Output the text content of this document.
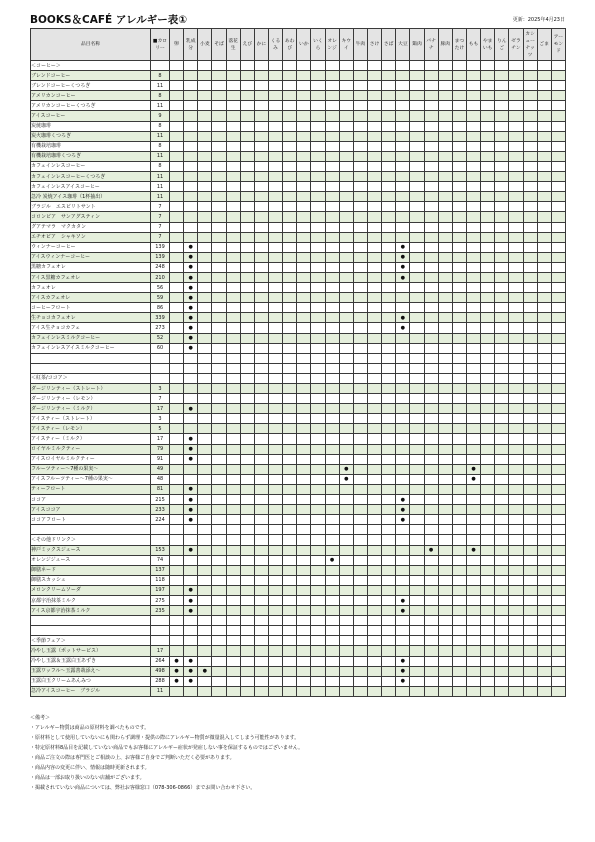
BOOKS＆CAFÉ アレルギー表①	更新：2025年4月23日
品目名称	■カロリー	卵	乳成分	小麦	そば	落花生	えび	かに	くるみ	あわび	いか	いくら	オレンジ	キウイ	牛肉	さけ	さば	大豆	鶏肉	バナナ	豚肉	まつたけ	もも	やまいも	りんご	ゼラチン	カシューナッツ	ごま	アーモンド
＜コーヒー＞																													
ブレンドコーヒー	8																												
ブレンドコーヒーくつろぎ	11																												
アメリカンコーヒー	8																												
アメリカンコーヒーくつろぎ	11																												
アイスコーヒー	9																												
炭焼珈琲	8																												
炭火珈琲くつろぎ	11																												
有機栽培珈琲	8																												
有機栽培珈琲くつろぎ	11																												
カフェインレスコーヒー	8																												
カフェインレスコーヒーくつろぎ	11																												
カフェインレスアイスコーヒー	11																												
急冷 炭焼アイス珈琲（1杯抽出）	11																												
ブラジル　エスピリトサント	7																												
コロンビア　サンアグスティン	7																												
グアテマラ　マクカタン	7																												
エチオピア　シャキソン	7																												
ウィンナーコーヒー	139		●															●											
アイスウィンナーコーヒー	139		●															●											
黒糖カフェオレ	248		●															●											
アイス黒糖カフェオレ	210		●															●											
カフェオレ	56		●																										
アイスカフェオレ	59		●																										
コーヒーフロート	86		●																										
生チョコカフェオレ	339		●															●											
アイス生チョコカフェ	273		●															●											
カフェインレスミルクコーヒー	52		●																										
カフェインレスアイスミルクコーヒー	60		●																										

＜紅茶/ココア＞																													
ダージリンティー（ストレート）	3																												
ダージリンティー（レモン）	7																												
ダージリンティー（ミルク）	17		●																										
アイスティー（ストレート）	3																												
アイスティー（レモン）	5																												
アイスティー（ミルク）	17		●																										
ロイヤルミルクティー	79		●																										
アイスロイヤルミルクティー	91		●																										
フルーツティー～7種の果実～	49													●									●						
アイスフルーツティー～7種の果実～	48													●									●						
ティーフロート	81		●																										
ココア	215		●															●											
アイスココア	233		●															●											
ココアフロート	224		●															●											

＜その他ドリンク＞																													
神戸ミックスジュース	153		●																	●			●						
オレンジジュース	74												●																
御膳ネード	137																												
御膳スカッシュ	118																												
メロンクリームソーダ	197		●																										
京都宇治抹茶ミルク	275		●															●											
アイス京都宇治抹茶ミルク	235		●															●											

＜季節フェア＞																													
冷やし玉露（ポットサービス）	17																												
冷やし玉露＆玉露白玉あずき	264	●	●															●											
玉露ワッフル～玉露善哉添え～	498	●	●	●														●											
玉露白玉クリームあんみつ	288	●	●															●											
急冷アイスコーヒー　ブラジル	11																												

＜備考＞

・アレルギー物質は商品の原材料を調べたものです。

・原材料として使用していないにも関わらず調理・提供の際にアレルギー物質が微量混入してしまう可能性があります。

・特定原材料8品目を記載していない商品でもお客様にアレルギー症状が発症しない事を保証するものではございません。

・商品ご注文の際は専門医とご相談の上、お客様ご自身でご判断いただく必要があります。

・商品内容の変更に伴い、情報は随時更新されます。

・商品は一部お取り扱いのない店舗がございます。

・掲載されていない商品については、弊社お客様窓口（078-306-0866）までお問い合わせ下さい。
